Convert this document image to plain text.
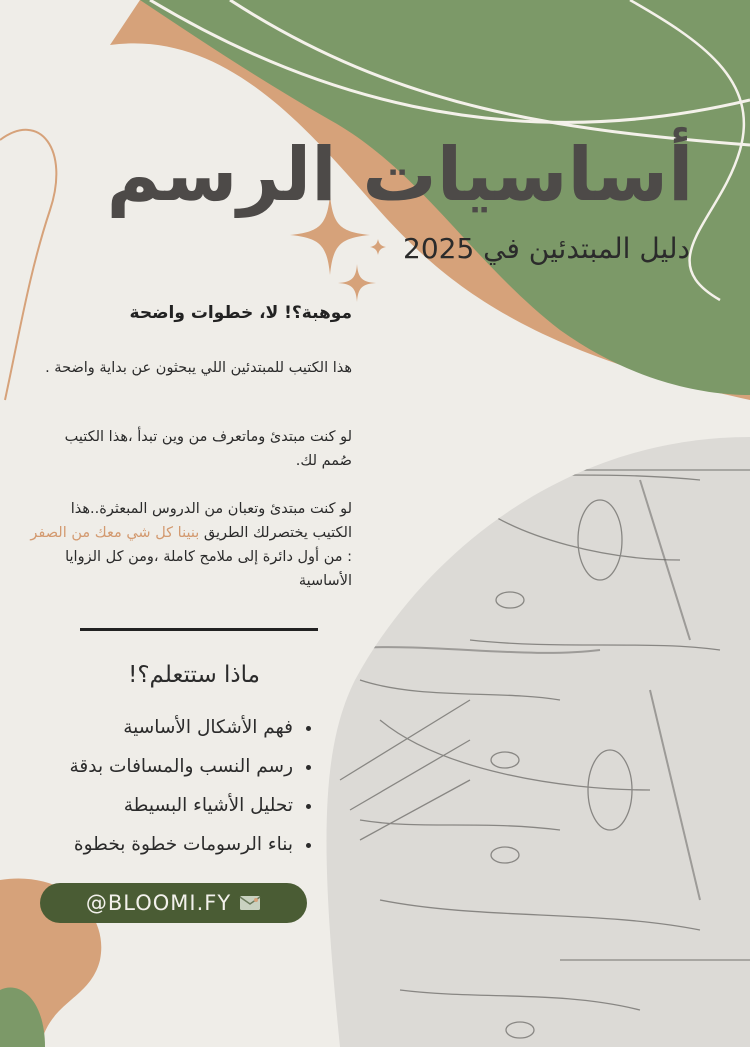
أساسيات الرسم
دليل المبتدئين في 2025
موهبة؟! لا، خطوات واضحة
هذا الكتيب للمبتدئين اللي يبحثون عن بداية واضحة .
لو كنت مبتدئ وماتعرف من وين تبدأ ،هذا الكتيب صُمم لك.
لو كنت مبتدئ وتعبان من الدروس المبعثرة..هذا الكتيب يختصرلك الطريق بنينا كل شي معك من الصفر : من أول دائرة إلى ملامح كاملة ،ومن كل الزوايا الأساسية
ماذا ستتعلم؟!
فهم الأشكال الأساسية
رسم النسب والمسافات بدقة
تحليل الأشياء البسيطة
بناء الرسومات خطوة بخطوة
@BLOOMI.FY
